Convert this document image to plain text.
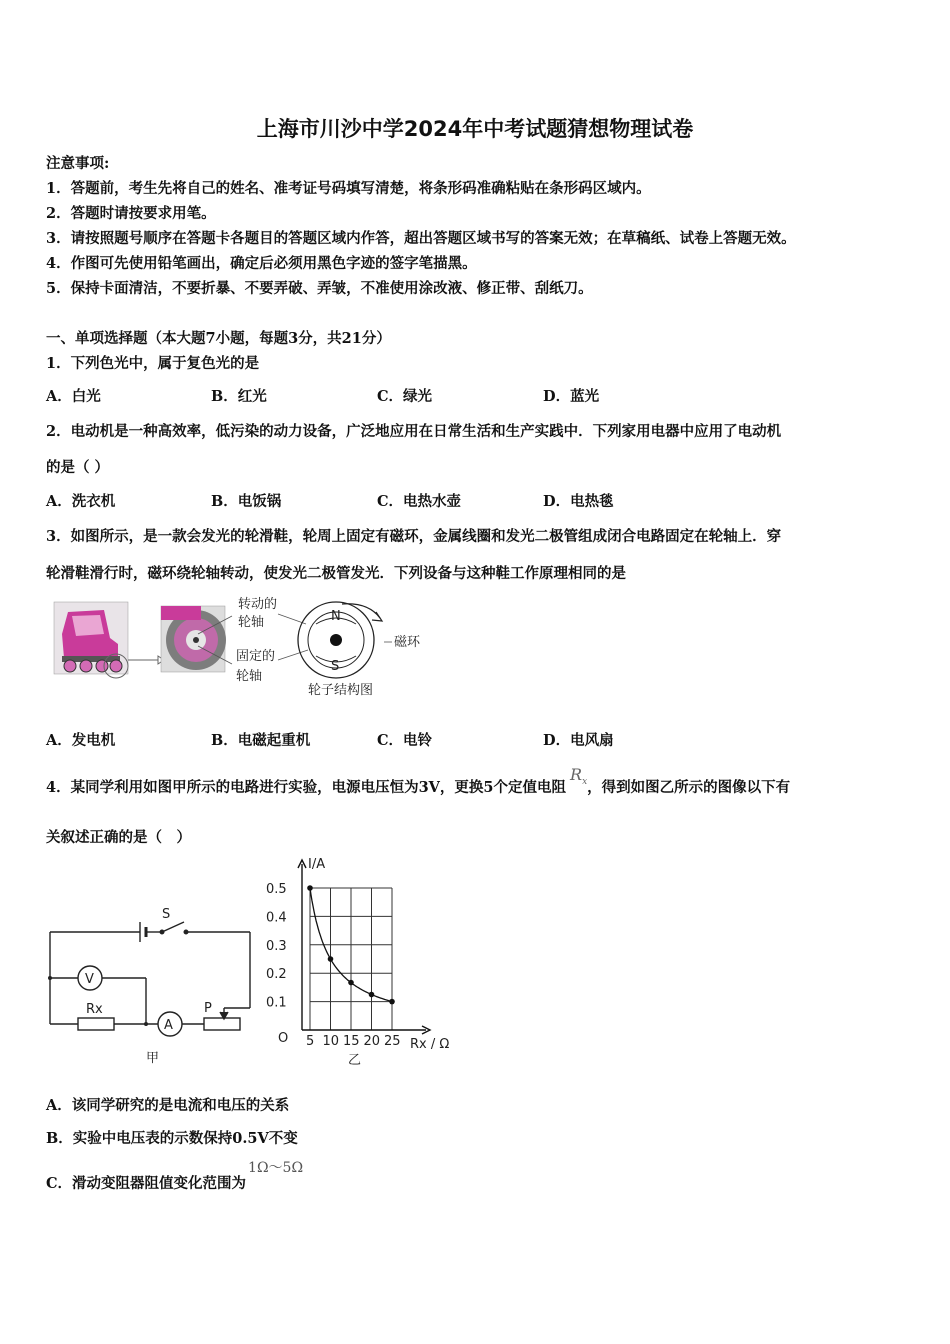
上海市川沙中学2024年中考试题猜想物理试卷
注意事项:
1．答题前，考生先将自己的姓名、准考证号码填写清楚，将条形码准确粘贴在条形码区域内。
2．答题时请按要求用笔。
3．请按照题号顺序在答题卡各题目的答题区域内作答，超出答题区域书写的答案无效；在草稿纸、试卷上答题无效。
4．作图可先使用铅笔画出，确定后必须用黑色字迹的签字笔描黑。
5．保持卡面清洁，不要折暴、不要弄破、弄皱，不准使用涂改液、修正带、刮纸刀。
一、单项选择题（本大题7小题，每题3分，共21分）
1．下列色光中，属于复色光的是
A．白光	B．红光	C．绿光	D．蓝光
2．电动机是一种高效率，低污染的动力设备，广泛地应用在日常生活和生产实践中．下列家用电器中应用了电动机
的是（ ）
A．洗衣机	B．电饭锅	C．电热水壶	D．电热毯
3．如图所示，是一款会发光的轮滑鞋，轮周上固定有磁环，金属线圈和发光二极管组成闭合电路固定在轮轴上．穿
轮滑鞋滑行时，磁环绕轮轴转动，使发光二极管发光．下列设备与这种鞋工作原理相同的是
转动的
轮轴
固定的
轮轴
N
S
磁环
轮子结构图
A．发电机	B．电磁起重机	C．电铃	D．电风扇
4．某同学利用如图甲所示的电路进行实验，电源电压恒为3V，更换5个定值电阻$R_x$，得到如图乙所示的图像以下有
关叙述正确的是（　）
S
V
A
Rx	P
甲
5 10 15 20 25
0.1
0.2
0.3
0.4
0.5
I/A
Rx / Ω
O
乙
A．该同学研究的是电流和电压的关系
B．实验中电压表的示数保持0.5V不变
C．滑动变阻器阻值变化范围为1Ω～5Ω
